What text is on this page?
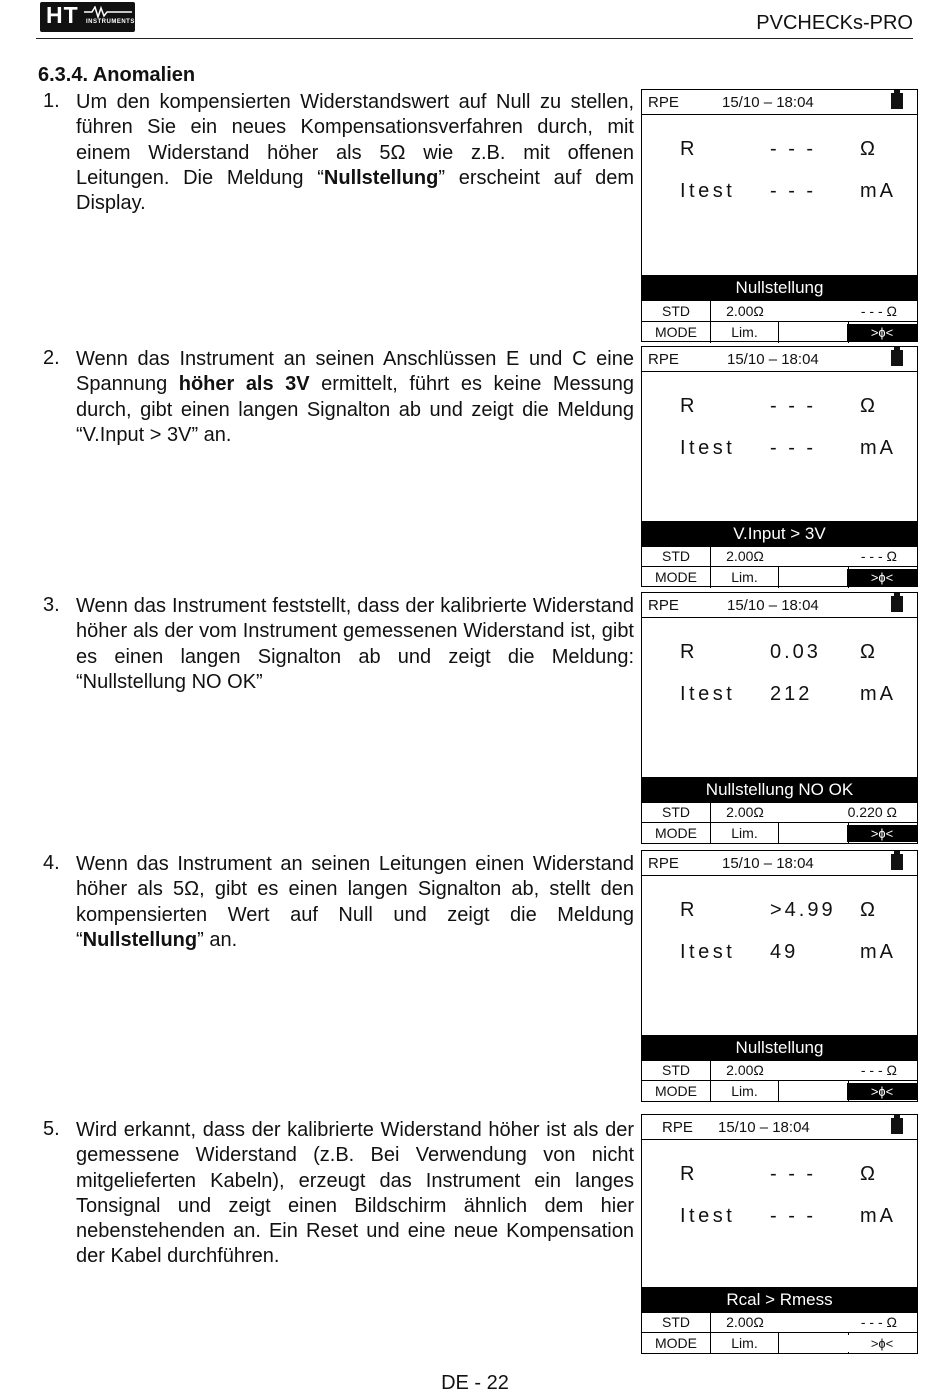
HT INSTRUMENTS	PVCHECKs-PRO
6.3.4. Anomalien
1. Um den kompensierten Widerstandswert auf Null zu stellen, führen Sie ein neues Kompensationsverfahren durch, mit einem Widerstand höher als 5Ω wie z.B. mit offenen Leitungen. Die Meldung “Nullstellung” erscheint auf dem Display.

RPE	15/10 – 18:04
R	- - - Ω
Itest - - - mA
Nullstellung
STD	2.00Ω	- - - Ω
MODE	Lim.	>ɸ<
2. Wenn das Instrument an seinen Anschlüssen E und C eine Spannung höher als 3V ermittelt, führt es keine Messung durch, gibt einen langen Signalton ab und zeigt die Meldung “V.Input > 3V” an.

RPE	15/10 – 18:04
R	- - - Ω
Itest - - - mA
V.Input > 3V
STD	2.00Ω	- - - Ω
MODE	Lim.	>ɸ<
3. Wenn das Instrument feststellt, dass der kalibrierte Widerstand höher als der vom Instrument gemessenen Widerstand ist, gibt es einen langen Signalton ab und zeigt die Meldung: “Nullstellung NO OK”

RPE	15/10 – 18:04
R	0.03 Ω
Itest 212 mA
Nullstellung NO OK
STD	2.00Ω	0.220 Ω
MODE	Lim.	>ɸ<
4. Wenn das Instrument an seinen Leitungen einen Widerstand höher als 5Ω, gibt es einen langen Signalton ab, stellt den kompensierten Wert auf Null und zeigt die Meldung “Nullstellung” an.

RPE	15/10 – 18:04
R	>4.99 Ω
Itest 49	mA
Nullstellung
STD	2.00Ω	- - - Ω
MODE	Lim.	>ɸ<
5. Wird erkannt, dass der kalibrierte Widerstand höher ist als der gemessene Widerstand (z.B. Bei Verwendung von nicht mitgelieferten Kabeln), erzeugt das Instrument ein langes Tonsignal und zeigt einen Bildschirm ähnlich dem hier nebenstehenden an. Ein Reset und eine neue Kompensation der Kabel durchführen.

RPE 15/10 – 18:04
R	- - - Ω
Itest - - - mA
Rcal > Rmess
STD	2.00Ω	- - - Ω
MODE	Lim.	>ɸ<
DE - 22
